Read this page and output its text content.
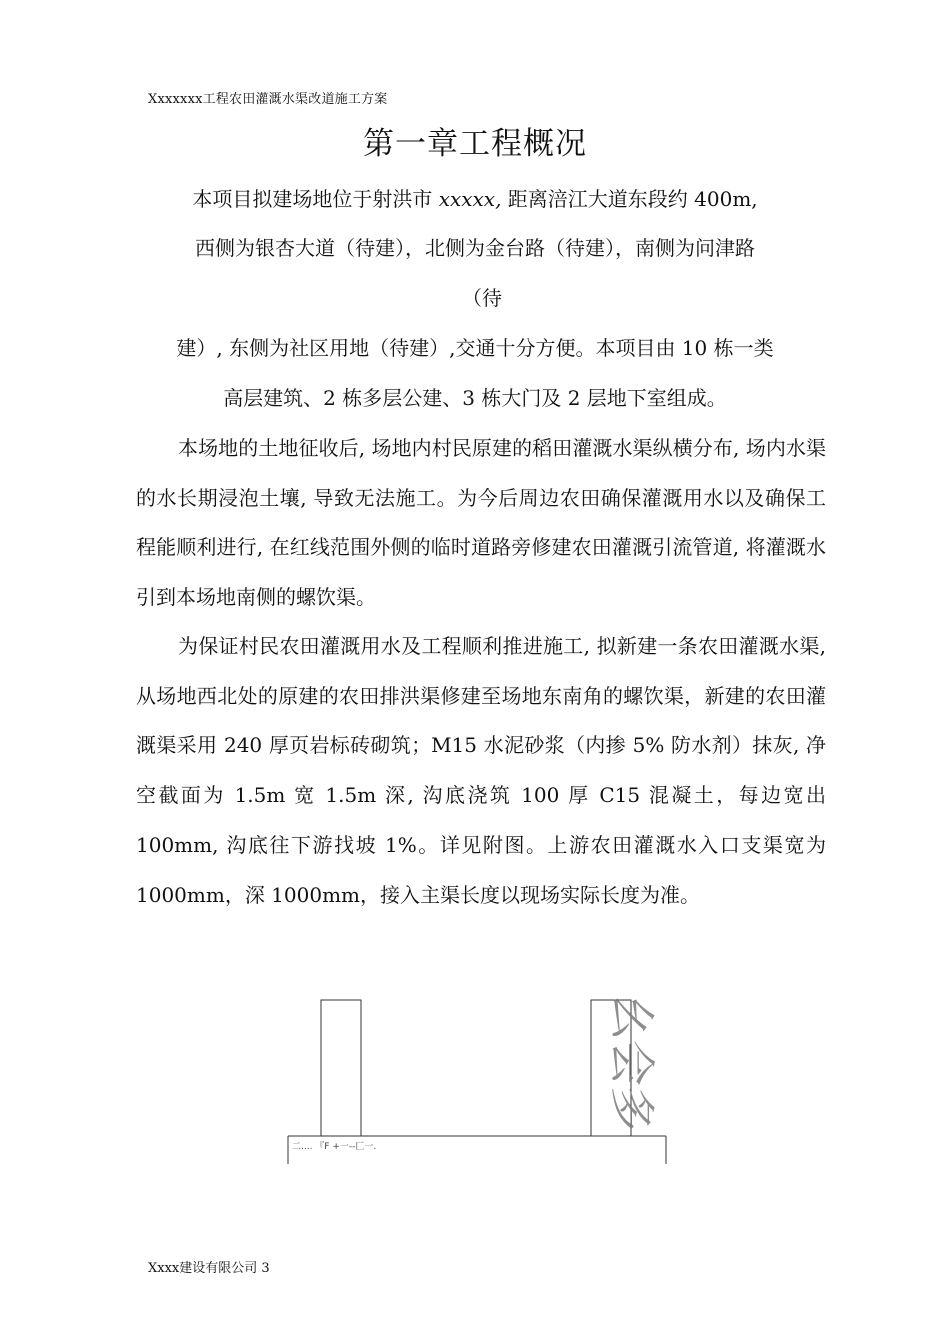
Xxxxxxx工程农田灌溉水渠改道施工方案
第一章工程概况
本项目拟建场地位于射洪市 xxxxx, 距离涪江大道东段约 400m,
西侧为银杏大道（待建），北侧为金台路（待建），南侧为问津路
（待
建）, 东侧为社区用地（待建）,交通十分方便。本项目由 10 栋一类
高层建筑、2 栋多层公建、3 栋大门及 2 层地下室组成。

本场地的土地征收后, 场地内村民原建的稻田灌溉水渠纵横分布, 场内水渠的水长期浸泡土壤, 导致无法施工。为今后周边农田确保灌溉用水以及确保工程能顺利进行, 在红线范围外侧的临时道路旁修建农田灌溉引流管道, 将灌溉水引到本场地南侧的螺饮渠。

为保证村民农田灌溉用水及工程顺利推进施工, 拟新建一条农田灌溉水渠, 从场地西北处的原建的农田排洪渠修建至场地东南角的螺饮渠，新建的农田灌溉渠采用 240 厚页岩标砖砌筑；M15 水泥砂浆（内掺 5% 防水剂）抹灰, 净空截面为 1.5m 宽 1.5m 深, 沟底浇筑 100 厚 C15 混凝土，每边宽出 100mm, 沟底往下游找坡 1%。详见附图。上游农田灌溉水入口支渠宽为 1000mm，深 1000mm，接入主渠长度以现场实际长度为准。

二.... 『F +一--匚一.
幺会多
Xxxx建设有限公司 3
